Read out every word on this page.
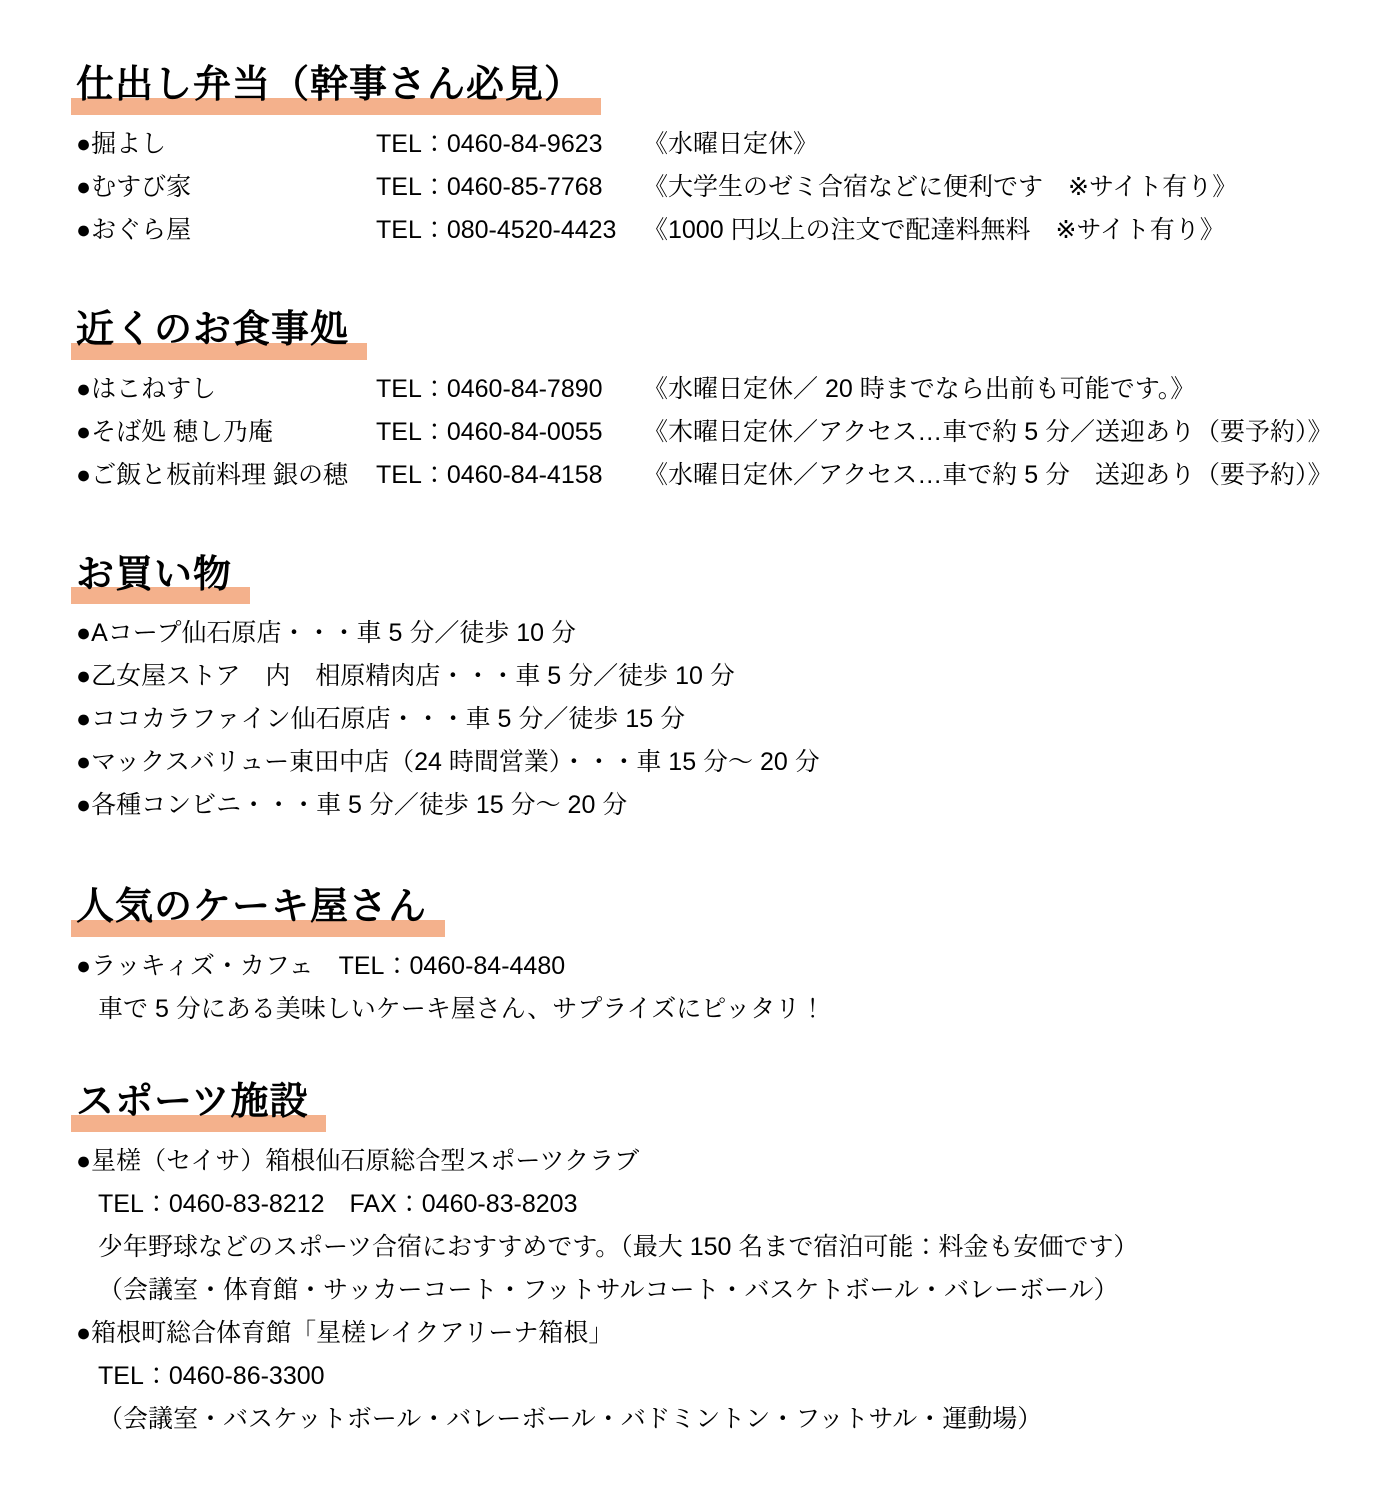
仕出し弁当（幹事さん必見）
●掘よし	TEL：0460-84-9623	《水曜日定休》
●むすび家	TEL：0460-85-7768	《大学生のゼミ合宿などに便利です　※サイト有り》
●おぐら屋	TEL：080-4520-4423	《1000 円以上の注文で配達料無料　※サイト有り》
近くのお食事処
●はこねすし	TEL：0460-84-7890	《水曜日定休／ 20 時までなら出前も可能です。》
●そば処 穂し乃庵	TEL：0460-84-0055	《木曜日定休／アクセス…車で約 5 分／送迎あり（要予約）》
●ご飯と板前料理 銀の穂	TEL：0460-84-4158	《水曜日定休／アクセス…車で約 5 分　送迎あり（要予約）》
お買い物
●Aコープ仙石原店・・・車 5 分／徒歩 10 分
●乙女屋ストア　内　相原精肉店・・・車 5 分／徒歩 10 分
●ココカラファイン仙石原店・・・車 5 分／徒歩 15 分
●マックスバリュー東田中店（24 時間営業）・・・車 15 分～ 20 分
●各種コンビニ・・・車 5 分／徒歩 15 分～ 20 分
人気のケーキ屋さん
●ラッキィズ・カフェ　TEL：0460-84-4480
車で 5 分にある美味しいケーキ屋さん、サプライズにピッタリ！
スポーツ施設
●星槎（セイサ）箱根仙石原総合型スポーツクラブ
TEL：0460-83-8212　FAX：0460-83-8203
少年野球などのスポーツ合宿におすすめです。（最大 150 名まで宿泊可能：料金も安価です）
（会議室・体育館・サッカーコート・フットサルコート・バスケトボール・バレーボール）
●箱根町総合体育館「星槎レイクアリーナ箱根」
TEL：0460-86-3300
（会議室・バスケットボール・バレーボール・バドミントン・フットサル・運動場）
